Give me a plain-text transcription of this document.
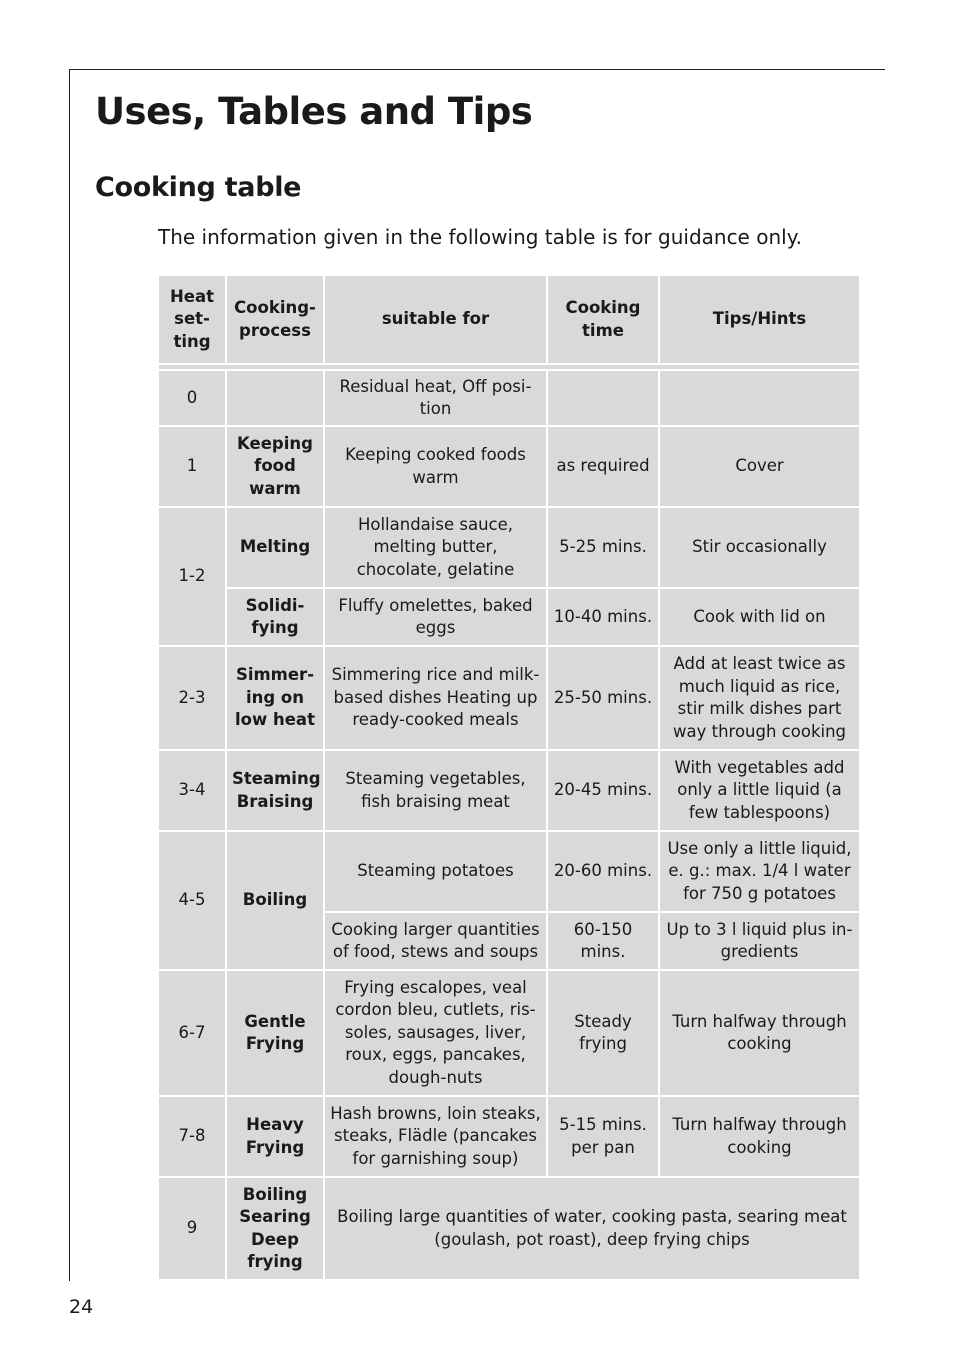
Uses, Tables and Tips
Cooking table

The information given in the following table is for guidance only.

Heat set-ting	Cooking-process	suitable for	Cooking time	Tips/Hints

0		Residual heat, Off posi-tion		
1	Keeping food warm	Keeping cooked foods warm	as required	Cover
1-2	Melting	Hollandaise sauce, melting butter, chocolate, gelatine	5-25 mins.	Stir occasionally
	Solidi-fying	Fluffy omelettes, baked eggs	10-40 mins.	Cook with lid on
2-3	Simmer-ing on low heat	Simmering rice and milk-based dishes Heating up ready-cooked meals	25-50 mins.	Add at least twice as much liquid as rice, stir milk dishes part way through cooking
3-4	Steaming Braising	Steaming vegetables, fish braising meat	20-45 mins.	With vegetables add only a little liquid (a few tablespoons)
4-5	Boiling	Steaming potatoes	20-60 mins.	Use only a little liquid, e. g.: max. 1/4 l water for 750 g potatoes
		Cooking larger quantities of food, stews and soups	60-150 mins.	Up to 3 l liquid plus in-gredients
6-7	Gentle Frying	Frying escalopes, veal cordon bleu, cutlets, ris-soles, sausages, liver, roux, eggs, pancakes, dough-nuts	Steady frying	Turn halfway through cooking
7-8	Heavy Frying	Hash browns, loin steaks, steaks, Flädle (pancakes for garnishing soup)	5-15 mins. per pan	Turn halfway through cooking
9	Boiling Searing Deep frying	Boiling large quantities of water, cooking pasta, searing meat (goulash, pot roast), deep frying chips		
24
